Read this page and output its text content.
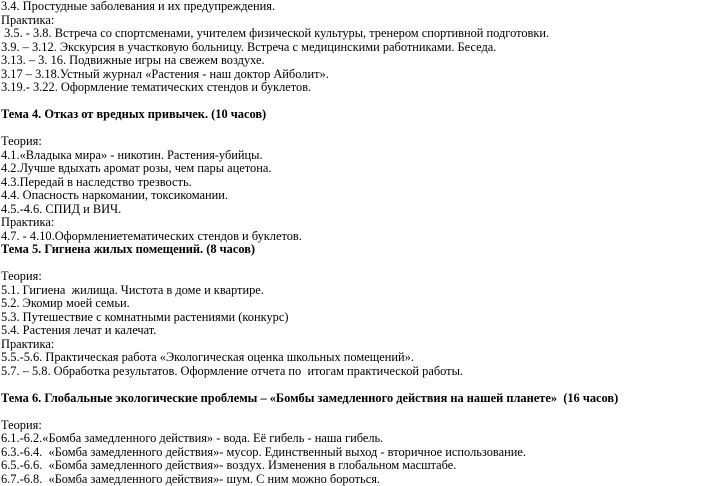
3.4. Простудные заболевания и их предупреждения.
Практика:
3.5. - 3.8. Встреча со спортсменами, учителем физической культуры, тренером спортивной подготовки.
3.9. – 3.12. Экскурсия в участковую больницу. Встреча с медицинскими работниками. Беседа.
3.13. – 3. 16. Подвижные игры на свежем воздухе.
3.17 – 3.18.Устный журнал «Растения - наш доктор Айболит».
3.19.- 3.22. Оформление тематических стендов и буклетов.
Тема 4. Отказ от вредных привычек. (10 часов)
Теория:
4.1.«Владыка мира» - никотин. Растения-убийцы.
4.2.Лучше вдыхать аромат розы, чем пары ацетона.
4.3.Передай в наследство трезвость.
4.4. Опасность наркомании, токсикомании.
4.5.-4.6. СПИД и ВИЧ.
Практика:
4.7. - 4.10.Оформлениетематических стендов и буклетов.
Тема 5. Гигиена жилых помещений. (8 часов)
Теория:
5.1. Гигиена  жилища. Чистота в доме и квартире.
5.2. Экомир моей семьи.
5.3. Путешествие с комнатными растениями (конкурс)
5.4. Растения лечат и калечат.
Практика:
5.5.-5.6. Практическая работа «Экологическая оценка школьных помещений».
5.7. – 5.8. Обработка результатов. Оформление отчета по  итогам практической работы.
Тема 6. Глобальные экологические проблемы – «Бомбы замедленного действия на нашей планете»  (16 часов)
Теория:
6.1.-6.2.«Бомба замедленного действия» - вода. Её гибель - наша гибель.
6.3.-6.4.  «Бомба замедленного действия»- мусор. Единственный выход - вторичное использование.
6.5.-6.6.  «Бомба замедленного действия»- воздух. Изменения в глобальном масштабе.
6.7.-6.8.  «Бомба замедленного действия»- шум. С ним можно бороться.
